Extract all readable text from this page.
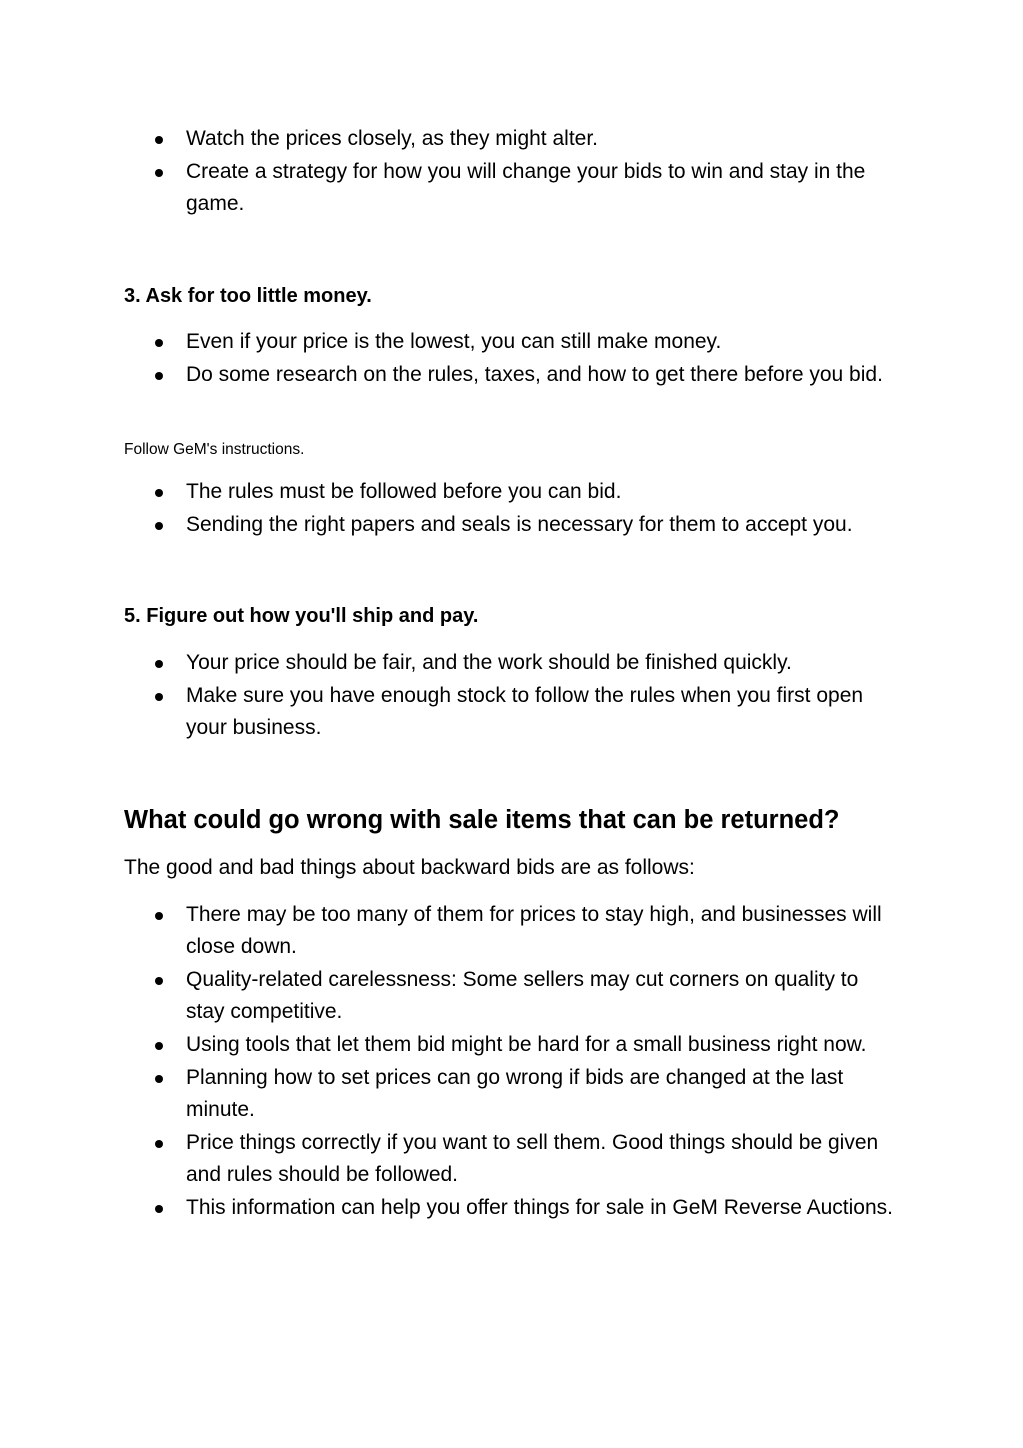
Watch the prices closely, as they might alter.
Create a strategy for how you will change your bids to win and stay in the game.
3. Ask for too little money.
Even if your price is the lowest, you can still make money.
Do some research on the rules, taxes, and how to get there before you bid.

Follow GeM's instructions.

The rules must be followed before you can bid.
Sending the right papers and seals is necessary for them to accept you.
5. Figure out how you'll ship and pay.
Your price should be fair, and the work should be finished quickly.
Make sure you have enough stock to follow the rules when you first open your business.
What could go wrong with sale items that can be returned?

The good and bad things about backward bids are as follows:

There may be too many of them for prices to stay high, and businesses will close down.
Quality-related carelessness: Some sellers may cut corners on quality to stay competitive.
Using tools that let them bid might be hard for a small business right now.
Planning how to set prices can go wrong if bids are changed at the last minute.
Price things correctly if you want to sell them. Good things should be given and rules should be followed.
This information can help you offer things for sale in GeM Reverse Auctions.
